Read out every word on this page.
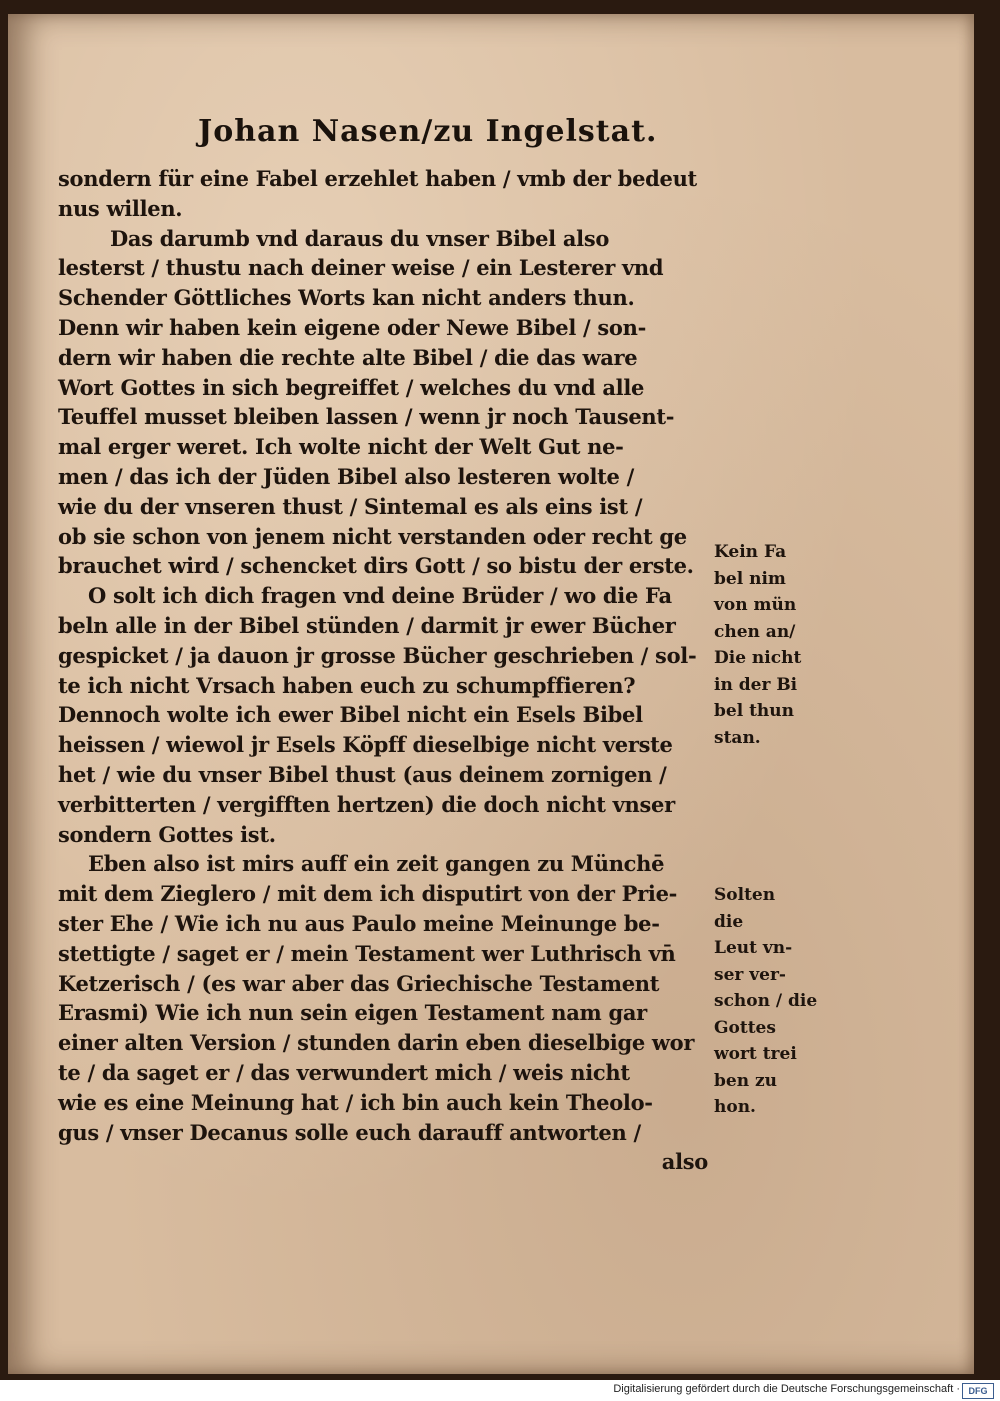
Johan Nasen/zu Ingelstat.
sondern für eine Fabel erzehlet haben / vmb der bedeut
nus willen.
Das darumb vnd daraus du vnser Bibel also
lesterst / thustu nach deiner weise / ein Lesterer vnd
Schender Göttliches Worts kan nicht anders thun.
Denn wir haben kein eigene oder Newe Bibel / son-
dern wir haben die rechte alte Bibel / die das ware
Wort Gottes in sich begreiffet / welches du vnd alle
Teuffel musset bleiben lassen / wenn jr noch Tausent-
mal erger weret. Ich wolte nicht der Welt Gut ne-
men / das ich der Jüden Bibel also lesteren wolte /
wie du der vnseren thust / Sintemal es als eins ist /
ob sie schon von jenem nicht verstanden oder recht ge
brauchet wird / schencket dirs Gott / so bistu der erste.
O solt ich dich fragen vnd deine Brüder / wo die Fa
beln alle in der Bibel stünden / darmit jr ewer Bücher
gespicket / ja dauon jr grosse Bücher geschrieben / sol-
te ich nicht Vrsach haben euch zu schumpffieren?
Dennoch wolte ich ewer Bibel nicht ein Esels Bibel
heissen / wiewol jr Esels Köpff dieselbige nicht verste
het / wie du vnser Bibel thust (aus deinem zornigen /
verbitterten / vergifften hertzen) die doch nicht vnser
sondern Gottes ist.
Eben also ist mirs auff ein zeit gangen zu Münchē
mit dem Zieglero / mit dem ich disputirt von der Prie-
ster Ehe / Wie ich nu aus Paulo meine Meinunge be-
stettigte / saget er / mein Testament wer Luthrisch vn̄
Ketzerisch / (es war aber das Griechische Testament
Erasmi) Wie ich nun sein eigen Testament nam gar
einer alten Version / stunden darin eben dieselbige wor
te / da saget er / das verwundert mich / weis nicht
wie es eine Meinung hat / ich bin auch kein Theolo-
gus / vnser Decanus solle euch darauff antworten /
also
Kein Fa
bel nim
von mün
chen an/
Die nicht
in der Bi
bel thun
stan.
Solten
die
Leut vn-
ser ver-
schon / die
Gottes
wort trei
ben zu
hon.
Digitalisierung gefördert durch die Deutsche Forschungsgemeinschaft · DFG
